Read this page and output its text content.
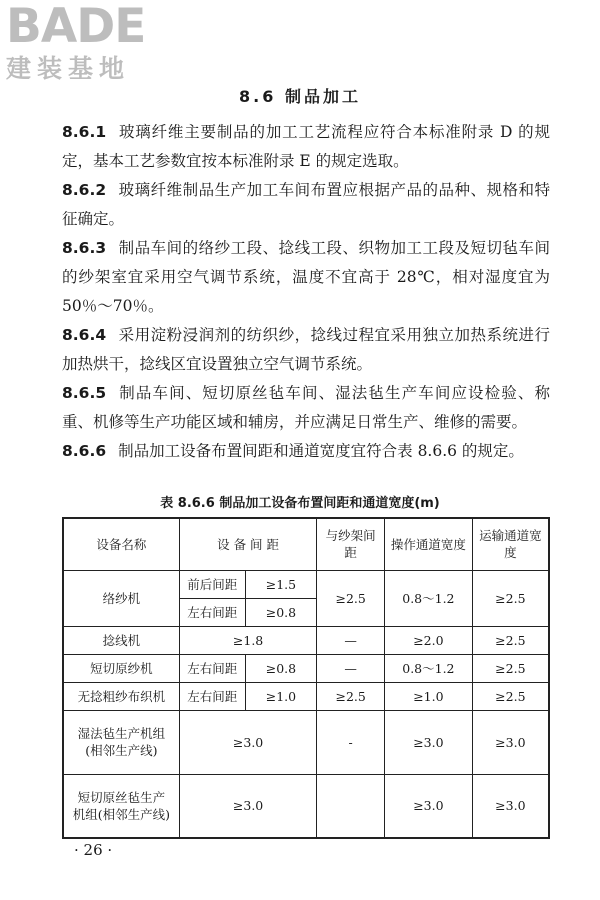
BADE
建装基地
8.6 制品加工

8.6.1 玻璃纤维主要制品的加工工艺流程应符合本标准附录 D 的规定，基本工艺参数宜按本标准附录 E 的规定选取。

8.6.2 玻璃纤维制品生产加工车间布置应根据产品的品种、规格和特征确定。

8.6.3 制品车间的络纱工段、捻线工段、织物加工工段及短切毡车间的纱架室宜采用空气调节系统，温度不宜高于 28℃，相对湿度宜为 50％～70％。

8.6.4 采用淀粉浸润剂的纺织纱，捻线过程宜采用独立加热系统进行加热烘干，捻线区宜设置独立空气调节系统。

8.6.5 制品车间、短切原丝毡车间、湿法毡生产车间应设检验、称重、机修等生产功能区域和辅房，并应满足日常生产、维修的需要。

8.6.6 制品加工设备布置间距和通道宽度宜符合表 8.6.6 的规定。

表 8.6.6 制品加工设备布置间距和通道宽度(m)
设备名称	设 备 间 距		与纱架间距	操作通道宽度	运输通道宽度
络纱机	前后间距	≥1.5	≥2.5	0.8～1.2	≥2.5
	左右间距	≥0.8			
捻线机	≥1.8		—	≥2.0	≥2.5
短切原纱机	左右间距	≥0.8	—	0.8～1.2	≥2.5
无捻粗纱布织机	左右间距	≥1.0	≥2.5	≥1.0	≥2.5
湿法毡生产机组
(相邻生产线)	≥3.0		-	≥3.0	≥3.0
短切原丝毡生产
机组(相邻生产线)	≥3.0			≥3.0	≥3.0
· 26 ·
